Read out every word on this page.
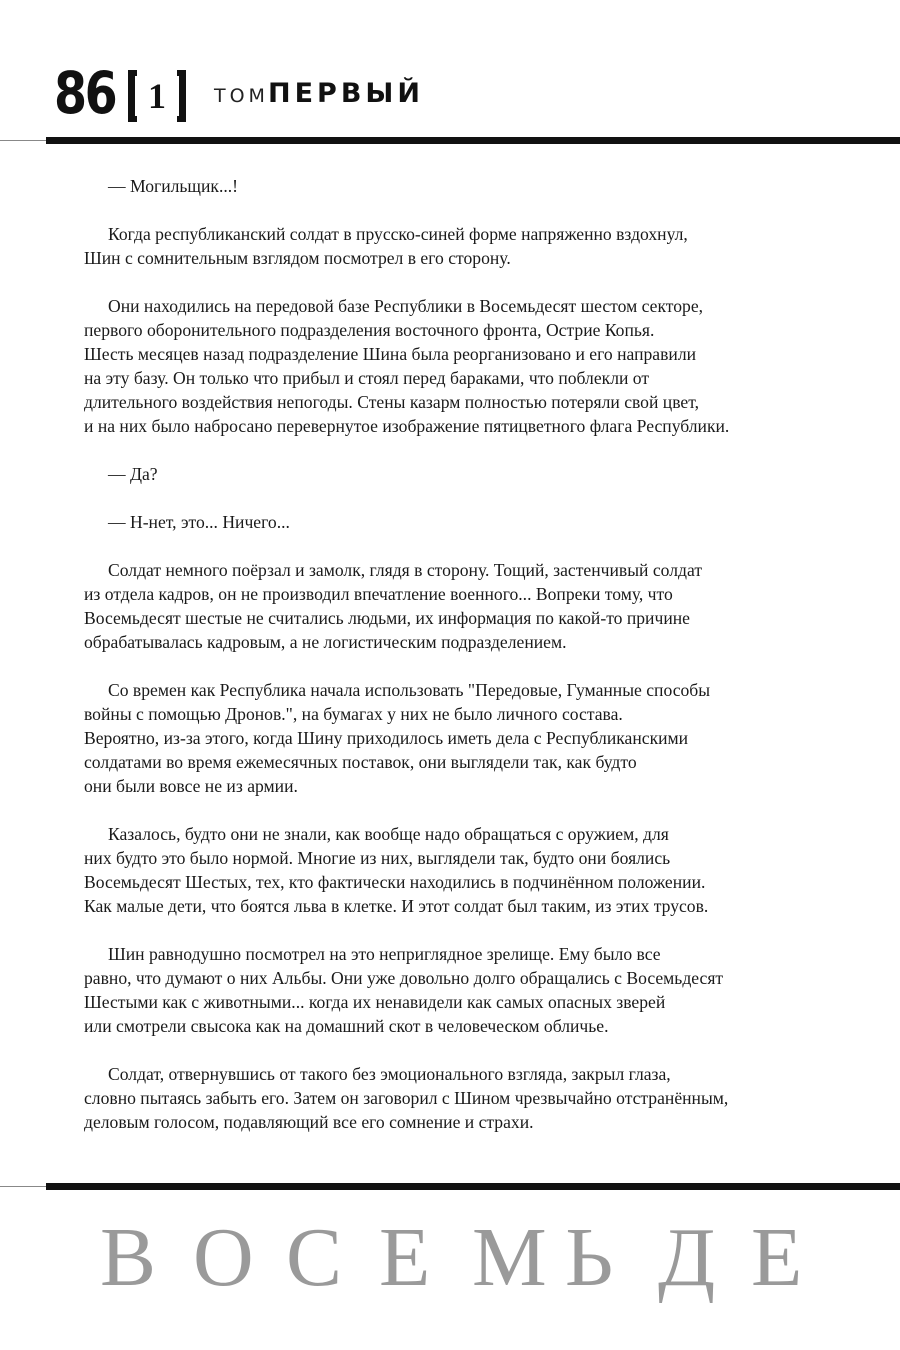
86 1	ТОМ ПЕРВЫЙ

— Могильщик...!

Когда республиканский солдат в прусско-синей форме напряженно вздохнул,
Шин с сомнительным взглядом посмотрел в его сторону.

Они находились на передовой базе Республики в Восемьдесят шестом секторе,
первого оборонительного подразделения восточного фронта, Острие Копья.
Шесть месяцев назад подразделение Шина была реорганизовано и его направили
на эту базу. Он только что прибыл и стоял перед бараками, что поблекли от
длительного воздействия непогоды. Стены казарм полностью потеряли свой цвет,
и на них было набросано перевернутое изображение пятицветного флага Республики.

— Да?

— Н-нет, это... Ничего...

Солдат немного поёрзал и замолк, глядя в сторону. Тощий, застенчивый солдат
из отдела кадров, он не производил впечатление военного... Вопреки тому, что
Восемьдесят шестые не считались людьми, их информация по какой-то причине
обрабатывалась кадровым, а не логистическим подразделением.

Со времен как Республика начала использовать "Передовые, Гуманные способы
войны с помощью Дронов.", на бумагах у них не было личного состава.
Вероятно, из-за этого, когда Шину приходилось иметь дела с Республиканскими
солдатами во время ежемесячных поставок, они выглядели так, как будто
они были вовсе не из армии.

Казалось, будто они не знали, как вообще надо обращаться с оружием, для
них будто это было нормой. Многие из них, выглядели так, будто они боялись
Восемьдесят Шестых, тех, кто фактически находились в подчинённом положении.
Как малые дети, что боятся льва в клетке. И этот солдат был таким, из этих трусов.

Шин равнодушно посмотрел на это неприглядное зрелище. Ему было все
равно, что думают о них Альбы. Они уже довольно долго обращались с Восемьдесят
Шестыми как с животными... когда их ненавидели как самых опасных зверей
или смотрели свысока как на домашний скот в человеческом обличье.

Солдат, отвернувшись от такого без эмоционального взгляда, закрыл глаза,
словно пытаясь забыть его. Затем он заговорил с Шином чрезвычайно отстранённым,
деловым голосом, подавляющий все его сомнение и страхи.

В О С Е М Ь Д Е
